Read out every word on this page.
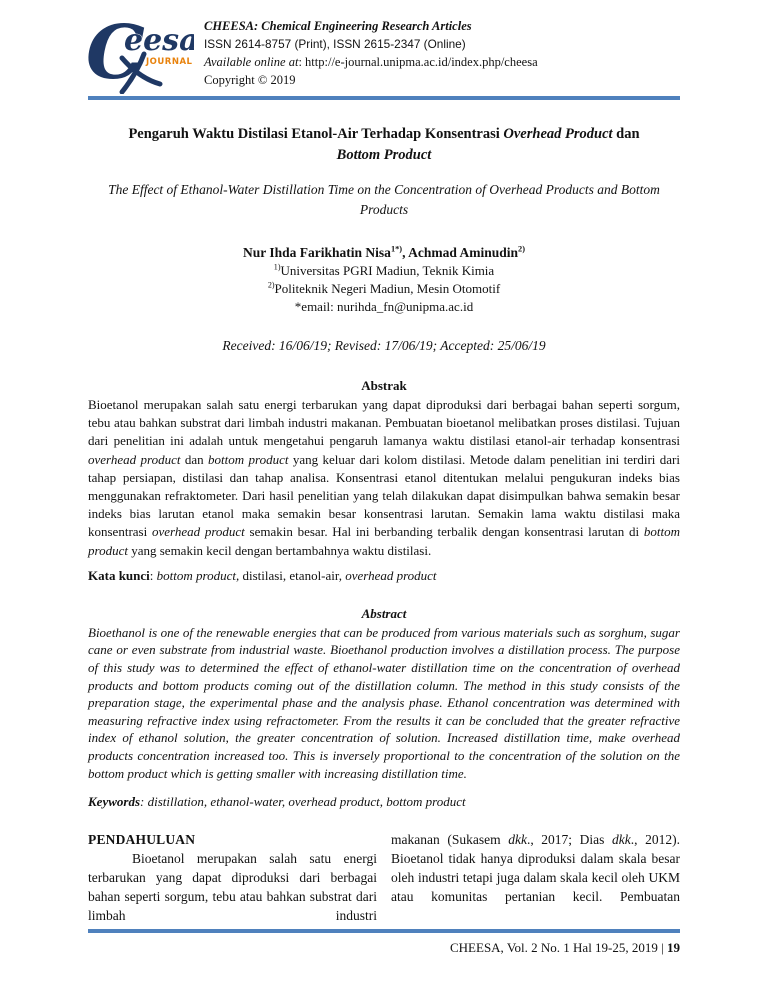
C
eesa
JOURNAL
CHEESA: Chemical Engineering Research Articles
ISSN 2614-8757 (Print), ISSN 2615-2347 (Online)
Available online at: http://e-journal.unipma.ac.id/index.php/cheesa
Copyright © 2019
Pengaruh Waktu Distilasi Etanol-Air Terhadap Konsentrasi Overhead Product dan
Bottom Product
The Effect of Ethanol-Water Distillation Time on the Concentration of Overhead Products and Bottom Products
Nur Ihda Farikhatin Nisa$^{1*)}$, Achmad Aminudin$^{2)}$
$^{1)}$Universitas PGRI Madiun, Teknik Kimia
$^{2)}$Politeknik Negeri Madiun, Mesin Otomotif
*email: nurihda_fn@unipma.ac.id
Received: 16/06/19; Revised: 17/06/19; Accepted: 25/06/19
Abstrak

Bioetanol merupakan salah satu energi terbarukan yang dapat diproduksi dari berbagai bahan seperti sorgum, tebu atau bahkan substrat dari limbah industri makanan. Pembuatan bioetanol melibatkan proses distilasi. Tujuan dari penelitian ini adalah untuk mengetahui pengaruh lamanya waktu distilasi etanol-air terhadap konsentrasi overhead product dan bottom product yang keluar dari kolom distilasi. Metode dalam penelitian ini terdiri dari tahap persiapan, distilasi dan tahap analisa. Konsentrasi etanol ditentukan melalui pengukuran indeks bias menggunakan refraktometer. Dari hasil penelitian yang telah dilakukan dapat disimpulkan bahwa semakin besar indeks bias larutan etanol maka semakin besar konsentrasi larutan. Semakin lama waktu distilasi maka konsentrasi overhead product semakin besar. Hal ini berbanding terbalik dengan konsentrasi larutan di bottom product yang semakin kecil dengan bertambahnya waktu distilasi.

Kata kunci: bottom product, distilasi, etanol-air, overhead product
Abstract

Bioethanol is one of the renewable energies that can be produced from various materials such as sorghum, sugar cane or even substrate from industrial waste. Bioethanol production involves a distillation process. The purpose of this study was to determined the effect of ethanol-water distillation time on the concentration of overhead products and bottom products coming out of the distillation column. The method in this study consists of the preparation stage, the experimental phase and the analysis phase. Ethanol concentration was determined with measuring refractive index using refractometer. From the results it can be concluded that the greater refractive index of ethanol solution, the greater concentration of solution. Increased distillation time, make overhead products concentration increased too. This is inversely proportional to the concentration of the solution on the bottom product which is getting smaller with increasing distillation time.

Keywords: distillation, ethanol-water, overhead product, bottom product
PENDAHULUAN

Bioetanol merupakan salah satu energi terbarukan yang dapat diproduksi dari berbagai bahan seperti sorgum, tebu atau bahkan substrat dari limbah industri

makanan (Sukasem dkk., 2017; Dias dkk., 2012). Bioetanol tidak hanya diproduksi dalam skala besar oleh industri tetapi juga dalam skala kecil oleh UKM atau komunitas pertanian kecil. Pembuatan

CHEESA, Vol. 2 No. 1 Hal 19-25, 2019 | 19
